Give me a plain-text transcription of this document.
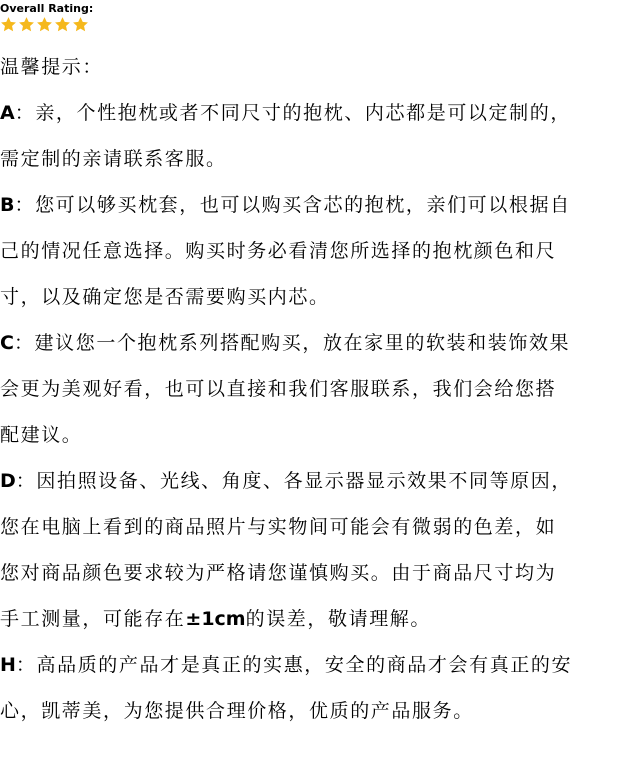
Overall Rating:
温馨提示：
A：亲，个性抱枕或者不同尺寸的抱枕、内芯都是可以定制的，
需定制的亲请联系客服。
B：您可以够买枕套，也可以购买含芯的抱枕，亲们可以根据自
己的情况任意选择。购买时务必看清您所选择的抱枕颜色和尺
寸，以及确定您是否需要购买内芯。
C：建议您一个抱枕系列搭配购买，放在家里的软装和装饰效果
会更为美观好看，也可以直接和我们客服联系，我们会给您搭
配建议。
D：因拍照设备、光线、角度、各显示器显示效果不同等原因，
您在电脑上看到的商品照片与实物间可能会有微弱的色差，如
您对商品颜色要求较为严格请您谨慎购买。由于商品尺寸均为
手工测量，可能存在±1cm的误差，敬请理解。
H：高品质的产品才是真正的实惠，安全的商品才会有真正的安
心，凯蒂美，为您提供合理价格，优质的产品服务。
